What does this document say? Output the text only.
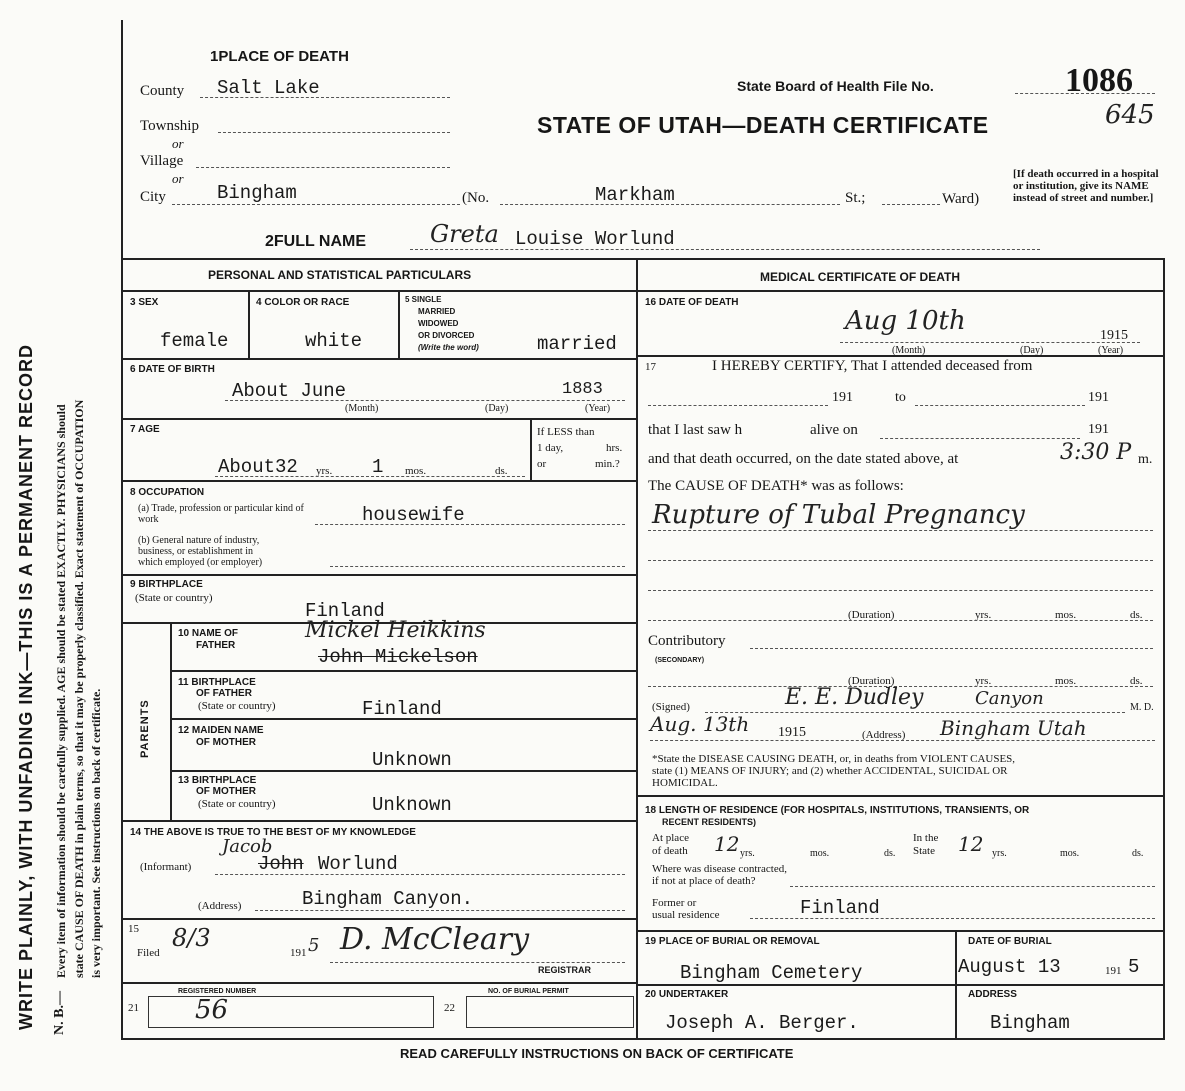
WRITE PLAINLY, WITH UNFADING INK—THIS IS A PERMANENT RECORD N. B.—
Every item of information should be carefully supplied. AGE should be stated EXACTLY. PHYSICIANS should state CAUSE OF DEATH in plain terms, so that it may be properly classified. Exact statement of OCCUPATION is very important. See instructions on back of certificate.
1PLACE OF DEATH
County Salt Lake
Township
or
Village
or
City	Bingham	(No.	Markham	St.;	Ward)
[If death occurred in a hospital or institution, give its NAME instead of street and number.]
State Board of Health File No.	1086
645
STATE OF UTAH—DEATH CERTIFICATE
2FULL NAME	Greta Louise Worlund
PERSONAL AND STATISTICAL PARTICULARS
3 SEX
female
4 COLOR OR RACE
white
5 SINGLE
MARRIED
WIDOWED
OR DIVORCED
(Write the word)	married
6 DATE OF BIRTH
About June	1883
(Month)	(Day)	(Year)
7 AGE
About32 yrs. 1 mos.	ds.
If LESS than
1 day,	hrs.
or	min.?
8 OCCUPATION
(a) Trade, profession or particular kind of work	housewife
(b) General nature of industry,
business, or establishment in
which employed (or employer)
9 BIRTHPLACE
(State or country)
Finland
PARENTS
10 NAME OF
FATHER
Mickel Heikkins
John Mickelson
11 BIRTHPLACE
OF FATHER
(State or country)	Finland
12 MAIDEN NAME
OF MOTHER
Unknown
13 BIRTHPLACE
OF MOTHER
(State or country)	Unknown
14 THE ABOVE IS TRUE TO THE BEST OF MY KNOWLEDGE
(Informant)
Jacob
John Worlund
(Address)	Bingham Canyon.
15
Filed
8/3
191 5 D. McCleary
REGISTRAR
21
REGISTERED NUMBER
56	22
NO. OF BURIAL PERMIT
MEDICAL CERTIFICATE OF DEATH
16 DATE OF DEATH
Aug 10th	1915
(Month)	(Day)	(Year)
17	I HEREBY CERTIFY, That I attended deceased from
191	to	191
that I last saw h	alive on	191
and that death occurred, on the date stated above, at	3:30 P m.
The CAUSE OF DEATH* was as follows:
Rupture of Tubal Pregnancy
(Duration)	yrs.	mos.	ds.
Contributory
(SECONDARY)
(Duration)	yrs.	mos.	ds.
(Signed)	E. E. Dudley	Canyon	M. D.
Aug. 13th 1915	(Address) Bingham Utah
*State the DISEASE CAUSING DEATH, or, in deaths from VIOLENT CAUSES,
state (1) MEANS OF INJURY; and (2) whether ACCIDENTAL, SUICIDAL OR
HOMICIDAL.
18 LENGTH OF RESIDENCE (FOR HOSPITALS, INSTITUTIONS, TRANSIENTS, OR
RECENT RESIDENTS)
At place
of death 12 yrs.	mos.	ds.
In the
State 12 yrs.	mos.	ds.
Where was disease contracted,
if not at place of death?
Former or
usual residence	Finland
19 PLACE OF BURIAL OR REMOVAL
Bingham Cemetery
DATE OF BURIAL
August 13	191 5
20 UNDERTAKER
Joseph A. Berger.
ADDRESS
Bingham
READ CAREFULLY INSTRUCTIONS ON BACK OF CERTIFICATE
